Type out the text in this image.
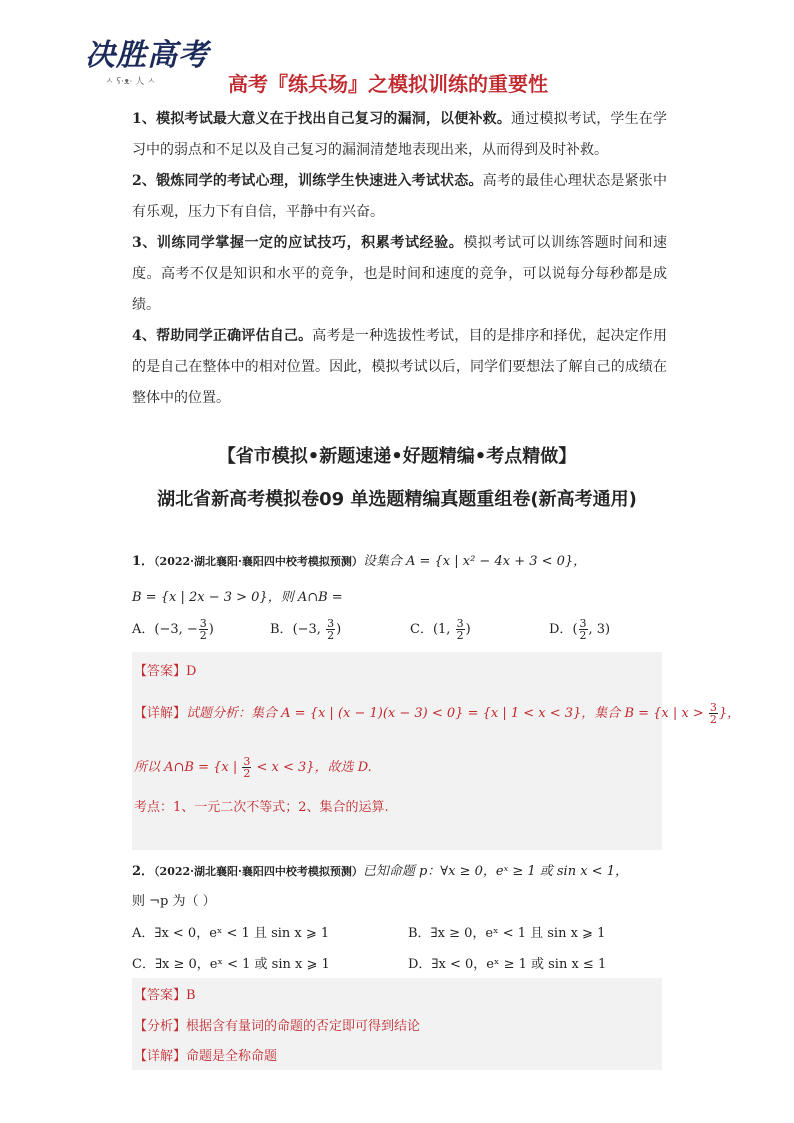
决胜高考
ㅅ ʕ·ᴥ· 人 ㅅ	高考『练兵场』之模拟训练的重要性

1、模拟考试最大意义在于找出自己复习的漏洞，以便补救。通过模拟考试，学生在学习中的弱点和不足以及自己复习的漏洞清楚地表现出来，从而得到及时补救。

2、锻炼同学的考试心理，训练学生快速进入考试状态。高考的最佳心理状态是紧张中有乐观，压力下有自信，平静中有兴奋。

3、训练同学掌握一定的应试技巧，积累考试经验。模拟考试可以训练答题时间和速度。高考不仅是知识和水平的竞争，也是时间和速度的竞争，可以说每分每秒都是成绩。

4、帮助同学正确评估自己。高考是一种选拔性考试，目的是排序和择优，起决定作用的是自己在整体中的相对位置。因此，模拟考试以后，同学们要想法了解自己的成绩在整体中的位置。

【省市模拟•新题速递•好题精编•考点精做】
湖北省新高考模拟卷09 单选题精编真题重组卷(新高考通用)
1．（2022·湖北襄阳·襄阳四中校考模拟预测）设集合 A = {x | x² − 4x + 3 < 0}，
B = {x | 2x − 3 > 0}，则 A∩B =
A．(−3, − $\frac{3}{2}$ )	B．(−3, $\frac{3}{2}$ )	C．(1, $\frac{3}{2}$ )	D．( $\frac{3}{2}$ , 3)
【答案】D
【详解】试题分析：集合 A = {x | (x − 1)(x − 3) < 0} = {x | 1 < x < 3}，集合 B = {x | $x > \frac{3}{2}$ }，
所以 A∩B = {x | $\frac{3}{2} < x < 3$}，故选 D.
考点：1、一元二次不等式；2、集合的运算.
2．（2022·湖北襄阳·襄阳四中校考模拟预测）已知命题 p：∀x ≥ 0，eˣ ≥ 1 或 sin x < 1，
则 ¬p 为（ ）
A．∃x < 0，eˣ < 1 且 sin x ⩾ 1	B．∃x ≥ 0，eˣ < 1 且 sin x ⩾ 1
C．∃x ≥ 0，eˣ < 1 或 sin x ⩾ 1	D．∃x < 0，eˣ ≥ 1 或 sin x ≤ 1
【答案】B
【分析】根据含有量词的命题的否定即可得到结论
【详解】命题是全称命题
